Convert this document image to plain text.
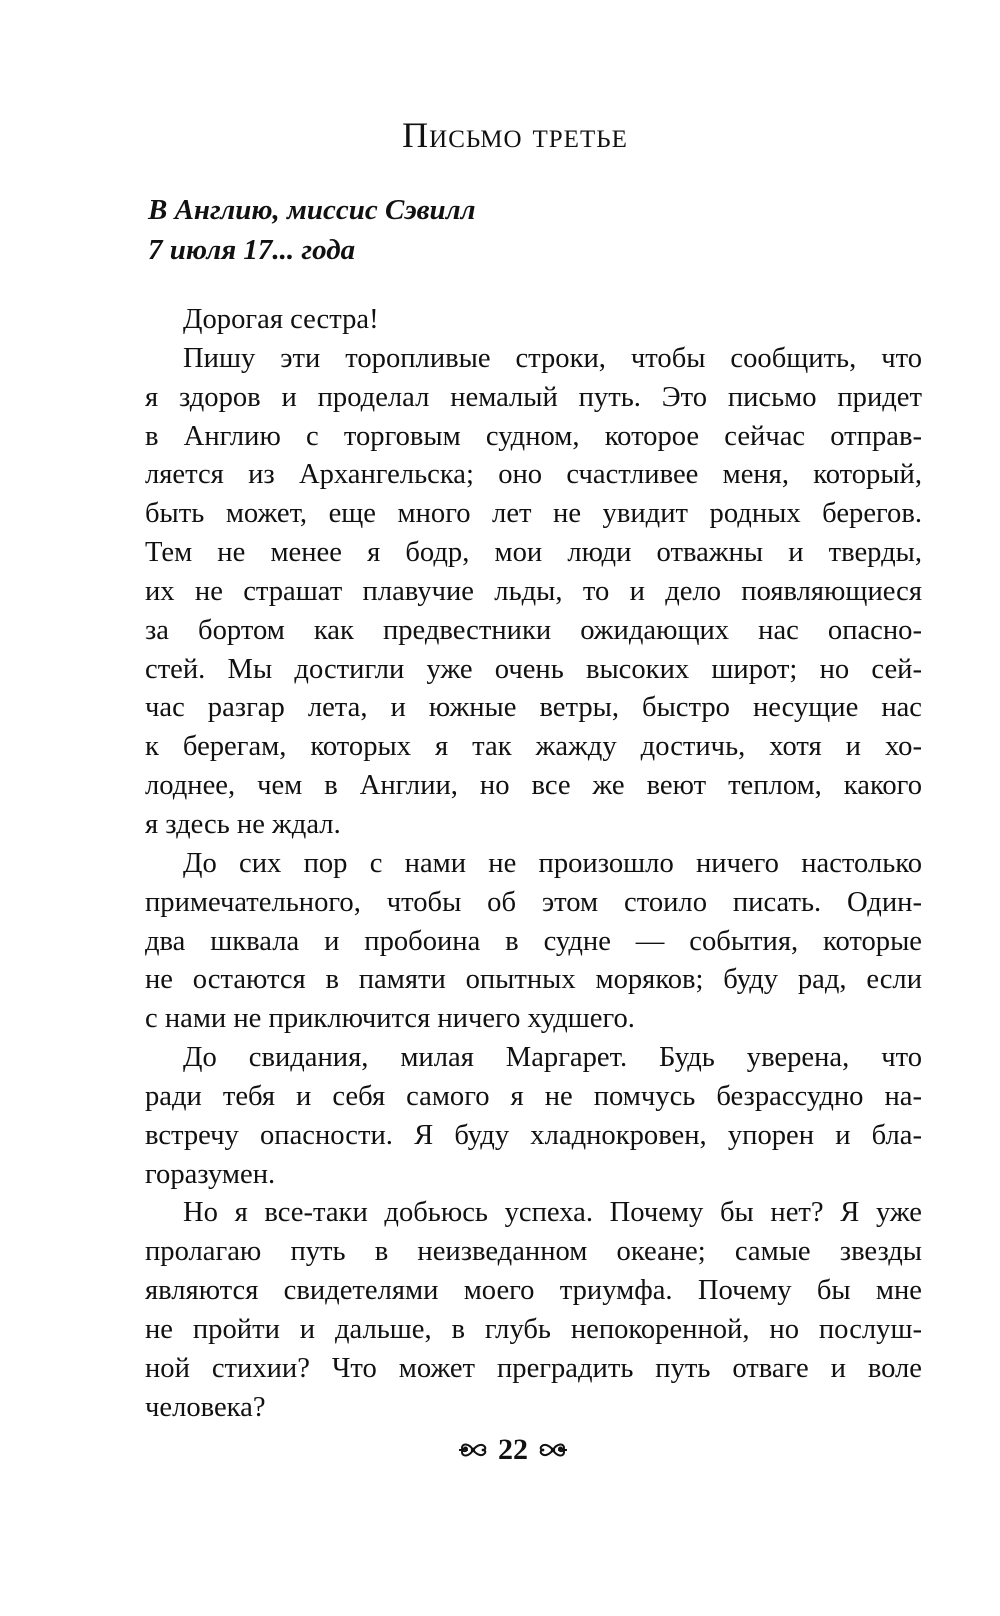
Письмо третье
В Англию, миссис Сэвилл
7 июля 17... года
Дорогая сестра!
Пишу эти торопливые строки, чтобы сообщить, что
я здоров и проделал немалый путь. Это письмо придет
в Англию с торговым судном, которое сейчас отправ-
ляется из Архангельска; оно счастливее меня, который,
быть может, еще много лет не увидит родных берегов.
Тем не менее я бодр, мои люди отважны и тверды,
их не страшат плавучие льды, то и дело появляющиеся
за бортом как предвестники ожидающих нас опасно-
стей. Мы достигли уже очень высоких широт; но сей-
час разгар лета, и южные ветры, быстро несущие нас
к берегам, которых я так жажду достичь, хотя и хо-
лоднее, чем в Англии, но все же веют теплом, какого
я здесь не ждал.
До сих пор с нами не произошло ничего настолько
примечательного, чтобы об этом стоило писать. Один-
два шквала и пробоина в судне — события, которые
не остаются в памяти опытных моряков; буду рад, если
с нами не приключится ничего худшего.
До свидания, милая Маргарет. Будь уверена, что
ради тебя и себя самого я не помчусь безрассудно на-
встречу опасности. Я буду хладнокровен, упорен и бла-
горазумен.
Но я все-таки добьюсь успеха. Почему бы нет? Я уже
пролагаю путь в неизведанном океане; самые звезды
являются свидетелями моего триумфа. Почему бы мне
не пройти и дальше, в глубь непокоренной, но послуш-
ной стихии? Что может преградить путь отваге и воле
человека?
22
